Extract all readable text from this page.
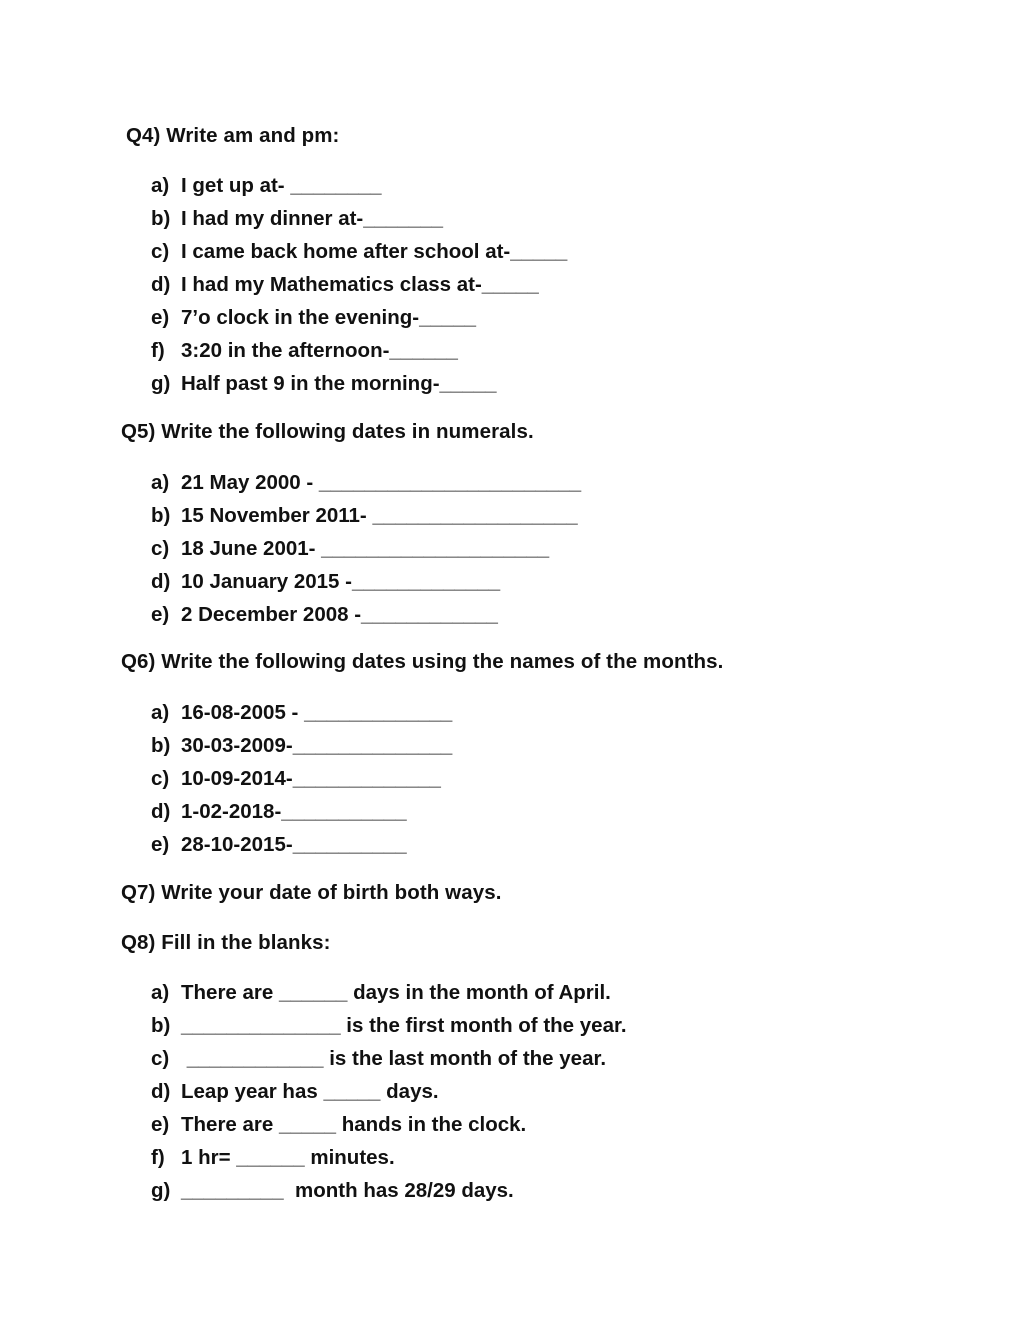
Q4) Write am and pm:

a)

I get up at- ________

b)

I had my dinner at-_______

c)

I came back home after school at-_____

d)

I had my Mathematics class at-_____

e)

7’o clock in the evening-_____

f)

3:20 in the afternoon-______

g)

Half past 9 in the morning-_____

Q5) Write the following dates in numerals.

a)

21 May 2000 - _______________________

b)

15 November 2011- __________________

c)

18 June 2001- ____________________

d)

10 January 2015 -_____________

e)

2 December 2008 -____________

Q6) Write the following dates using the names of the months.

a)

16-08-2005 - _____________

b)

30-03-2009-______________

c)

10-09-2014-_____________

d)

1-02-2018-___________

e)

28-10-2015-__________

Q7) Write your date of birth both ways.
Q8) Fill in the blanks:

a)

There are ______ days in the month of April.

b)

______________ is the first month of the year.

c)

____________ is the last month of the year.

d)

Leap year has _____ days.

e)

There are _____ hands in the clock.

f)

1 hr= ______ minutes.

g)

_________  month has 28/29 days.
